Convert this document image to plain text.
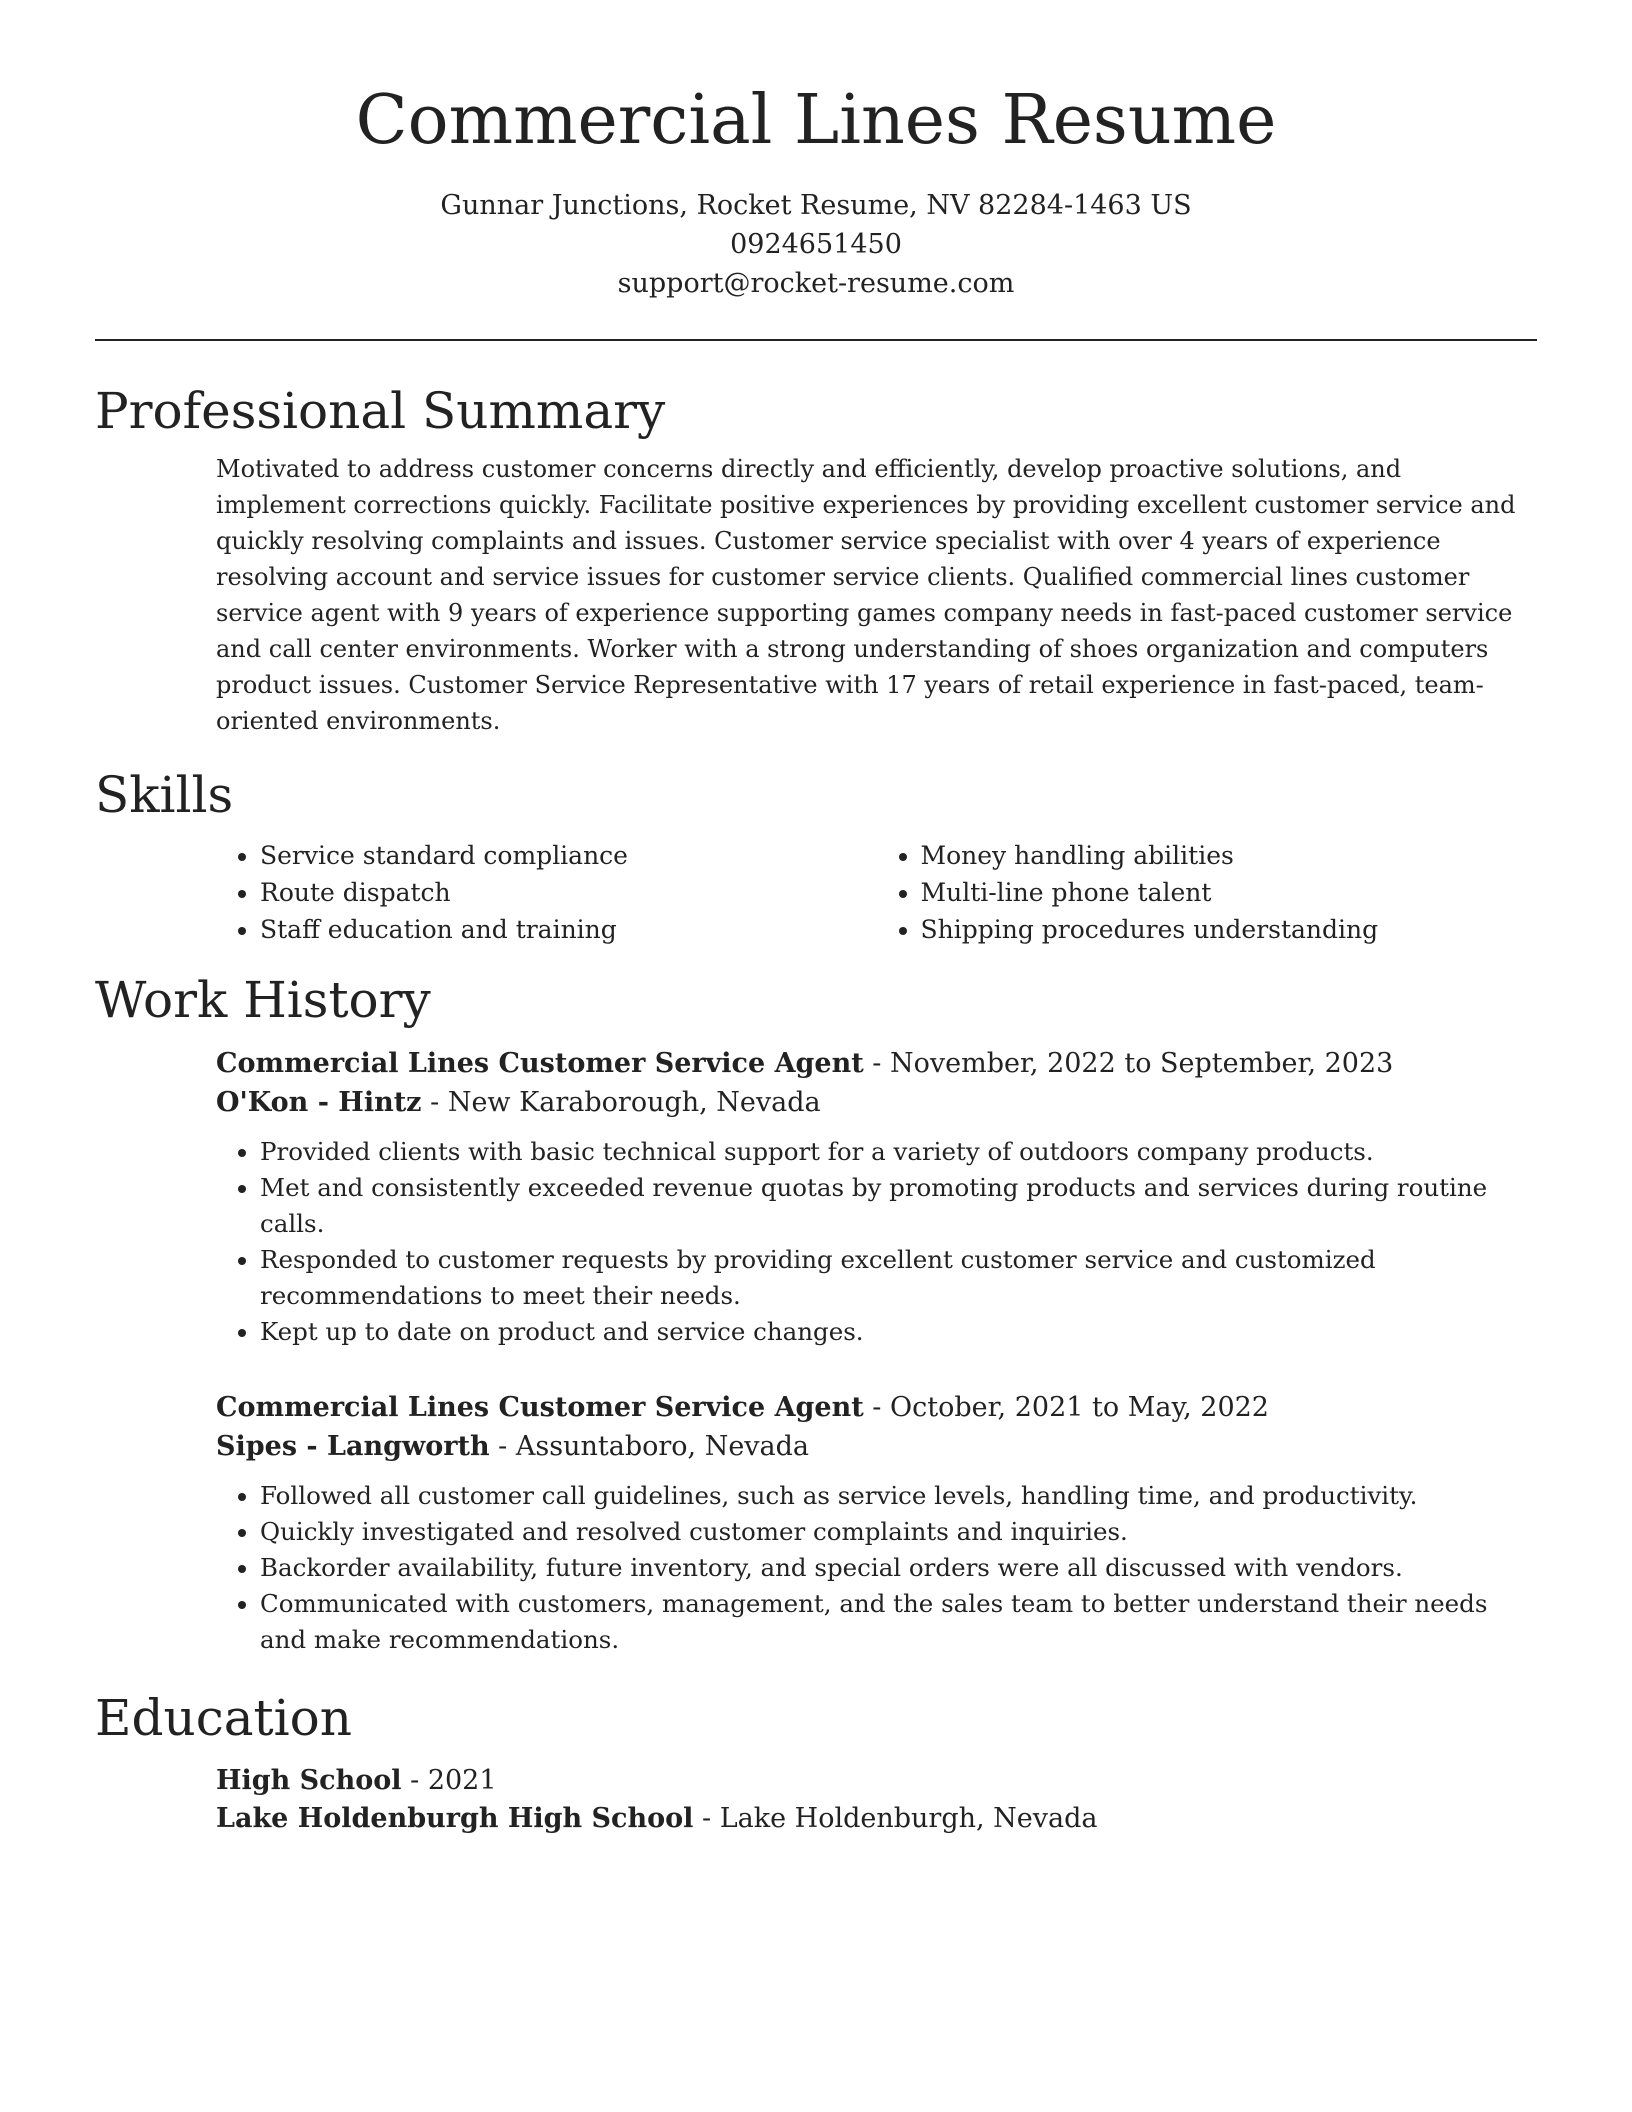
Commercial Lines Resume
Gunnar Junctions, Rocket Resume, NV 82284-1463 US
0924651450
support@rocket-resume.com
Professional Summary

Motivated to address customer concerns directly and efficiently, develop proactive solutions, and implement corrections quickly. Facilitate positive experiences by providing excellent customer service and quickly resolving complaints and issues. Customer service specialist with over 4 years of experience resolving account and service issues for customer service clients. Qualified commercial lines customer service agent with 9 years of experience supporting games company needs in fast-paced customer service and call center environments. Worker with a strong understanding of shoes organization and computers product issues. Customer Service Representative with 17 years of retail experience in fast-paced, team-oriented environments.

Skills
• Service standard compliance
• Route dispatch
• Staff education and training
• Money handling abilities
• Multi-line phone talent
• Shipping procedures understanding
Work History
Commercial Lines Customer Service Agent - November, 2022 to September, 2023
O'Kon - Hintz - New Karaborough, Nevada
• Provided clients with basic technical support for a variety of outdoors company products.
• Met and consistently exceeded revenue quotas by promoting products and services during routine calls.
• Responded to customer requests by providing excellent customer service and customized recommendations to meet their needs.
• Kept up to date on product and service changes.
Commercial Lines Customer Service Agent - October, 2021 to May, 2022
Sipes - Langworth - Assuntaboro, Nevada
• Followed all customer call guidelines, such as service levels, handling time, and productivity.
• Quickly investigated and resolved customer complaints and inquiries.
• Backorder availability, future inventory, and special orders were all discussed with vendors.
• Communicated with customers, management, and the sales team to better understand their needs and make recommendations.
Education
High School - 2021
Lake Holdenburgh High School - Lake Holdenburgh, Nevada
